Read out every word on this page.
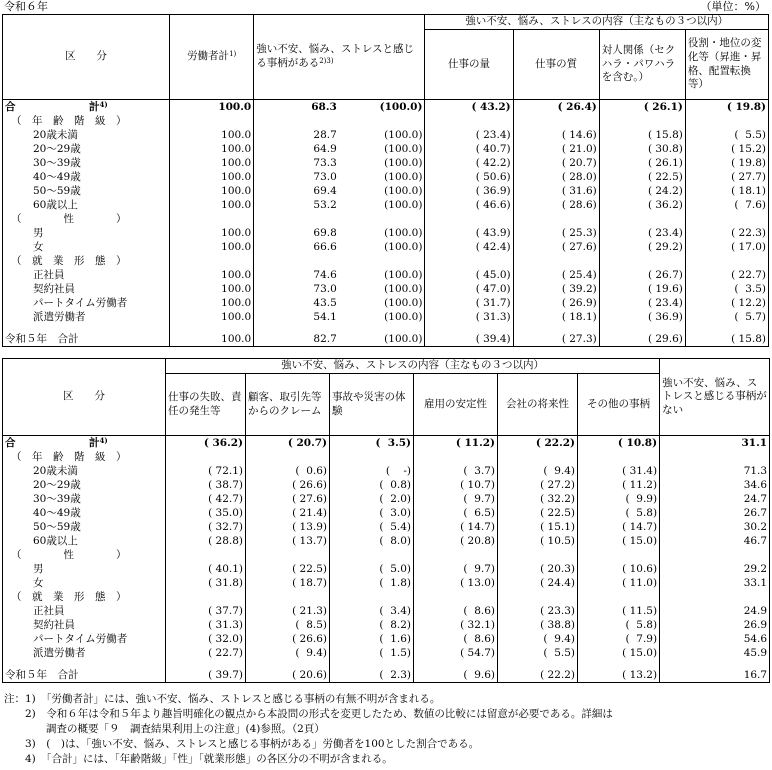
令和６年	（単位：%）
区　　分	労働者計$^{1)}$	強い不安、悩み、ストレスと感じる事柄がある$^{2)3)}$		強い不安、悩み、ストレスの内容（主なもの３つ以内）			
				仕事の量	仕事の質	対人関係（セクハラ・パワハラを含む。）	役割・地位の変化等（昇進・昇格、配置転換等）
合　　　　　　　計$^{4)}$	100.0	68.3	(100.0)	( 43.2)	( 26.4)	( 26.1)	( 19.8)
（　年　齢　階　級　）							
20歳未満	100.0	28.7	(100.0)	( 23.4)	( 14.6)	( 15.8)	(  5.5)
20～29歳	100.0	64.9	(100.0)	( 40.7)	( 21.0)	( 30.8)	( 15.2)
30～39歳	100.0	73.3	(100.0)	( 42.2)	( 20.7)	( 26.1)	( 19.8)
40～49歳	100.0	73.0	(100.0)	( 50.6)	( 28.0)	( 22.5)	( 27.7)
50～59歳	100.0	69.4	(100.0)	( 36.9)	( 31.6)	( 24.2)	( 18.1)
60歳以上	100.0	53.2	(100.0)	( 46.6)	( 28.6)	( 36.2)	(  7.6)
（　　　　性　　　　）							
男	100.0	69.8	(100.0)	( 43.9)	( 25.3)	( 23.4)	( 22.3)
女	100.0	66.6	(100.0)	( 42.4)	( 27.6)	( 29.2)	( 17.0)
（　就　業　形　態　）							
正社員	100.0	74.6	(100.0)	( 45.0)	( 25.4)	( 26.7)	( 22.7)
契約社員	100.0	73.0	(100.0)	( 47.0)	( 39.2)	( 19.6)	(  3.5)
パートタイム労働者	100.0	43.5	(100.0)	( 31.7)	( 26.9)	( 23.4)	( 12.2)
派遣労働者	100.0	54.1	(100.0)	( 31.3)	( 18.1)	( 36.9)	(  5.7)

令和５年　合計	100.0	82.7	(100.0)	( 39.4)	( 27.3)	( 29.6)	( 15.8)
区　　分	強い不安、悩み、ストレスの内容（主なもの３つ以内）						強い不安、悩み、ストレスと感じる事柄がない
	仕事の失敗、責任の発生等	顧客、取引先等からのクレーム	事故や災害の体験	雇用の安定性	会社の将来性	その他の事柄	
合　　　　　　　計$^{4)}$	( 36.2)	( 20.7)	(  3.5)	( 11.2)	( 22.2)	( 10.8)	31.1
（　年　齢　階　級　）							
20歳未満	( 72.1)	(  0.6)	(    -)	(  3.7)	(  9.4)	( 31.4)	71.3
20～29歳	( 38.7)	( 26.6)	(  0.8)	( 10.7)	( 27.2)	( 11.2)	34.6
30～39歳	( 42.7)	( 27.6)	(  2.0)	(  9.7)	( 32.2)	(  9.9)	24.7
40～49歳	( 35.0)	( 21.4)	(  3.0)	(  6.5)	( 22.5)	(  5.8)	26.7
50～59歳	( 32.7)	( 13.9)	(  5.4)	( 14.7)	( 15.1)	( 14.7)	30.2
60歳以上	( 28.8)	( 13.7)	(  8.0)	( 20.8)	( 10.5)	( 15.0)	46.7
（　　　　性　　　　）							
男	( 40.1)	( 22.5)	(  5.0)	(  9.7)	( 20.3)	( 10.6)	29.2
女	( 31.8)	( 18.7)	(  1.8)	( 13.0)	( 24.4)	( 11.0)	33.1
（　就　業　形　態　）							
正社員	( 37.7)	( 21.3)	(  3.4)	(  8.6)	( 23.3)	( 11.5)	24.9
契約社員	( 31.3)	(  8.5)	(  8.2)	( 32.1)	( 38.8)	(  5.8)	26.9
パートタイム労働者	( 32.0)	( 26.6)	(  1.6)	(  8.6)	(  9.4)	(  7.9)	54.6
派遣労働者	( 22.7)	(  9.4)	(  1.5)	( 54.7)	(  5.5)	( 15.0)	45.9

令和５年　合計	( 39.7)	( 20.6)	(  2.3)	(  9.6)	( 22.2)	( 13.2)	16.7
注：1)　「労働者計」には、強い不安、悩み、ストレスと感じる事柄の有無不明が含まれる。
　　2)　令和６年は令和５年より趣旨明確化の観点から本設問の形式を変更したため、数値の比較には留意が必要である。詳細は
　　　　調査の概要「９　調査結果利用上の注意」(4)参照。（2頁）
　　3)　(　)は、「強い不安、悩み、ストレスと感じる事柄がある」労働者を100とした割合である。
　　4)　「合計」には、「年齢階級」「性」「就業形態」の各区分の不明が含まれる。
